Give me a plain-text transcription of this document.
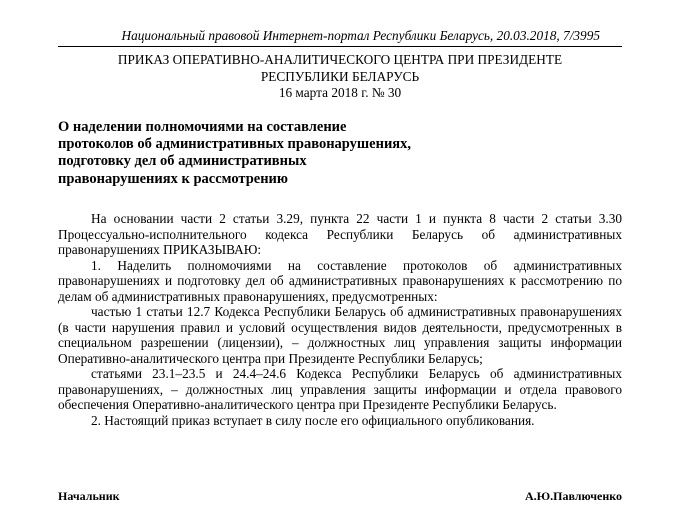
Национальный правовой Интернет-портал Республики Беларусь, 20.03.2018, 7/3995
ПРИКАЗ ОПЕРАТИВНО-АНАЛИТИЧЕСКОГО ЦЕНТРА ПРИ ПРЕЗИДЕНТЕ
РЕСПУБЛИКИ БЕЛАРУСЬ
16 марта 2018 г. № 30
О наделении полномочиями на составление
протоколов об административных правонарушениях,
подготовку дел об административных
правонарушениях к рассмотрению

На основании части 2 статьи 3.29, пункта 22 части 1 и пункта 8 части 2 статьи 3.30 Процессуально-исполнительного кодекса Республики Беларусь об административных правонарушениях ПРИКАЗЫВАЮ:

1. Наделить полномочиями на составление протоколов об административных правонарушениях и подготовку дел об административных правонарушениях к рассмотрению по делам об административных правонарушениях, предусмотренных:

частью 1 статьи 12.7 Кодекса Республики Беларусь об административных правонарушениях (в части нарушения правил и условий осуществления видов деятельности, предусмотренных в специальном разрешении (лицензии), – должностных лиц управления защиты информации Оперативно-аналитического центра при Президенте Республики Беларусь;

статьями 23.1–23.5 и 24.4–24.6 Кодекса Республики Беларусь об административных правонарушениях, – должностных лиц управления защиты информации и отдела правового обеспечения Оперативно-аналитического центра при Президенте Республики Беларусь.

2. Настоящий приказ вступает в силу после его официального опубликования.

Начальник	А.Ю.Павлюченко
